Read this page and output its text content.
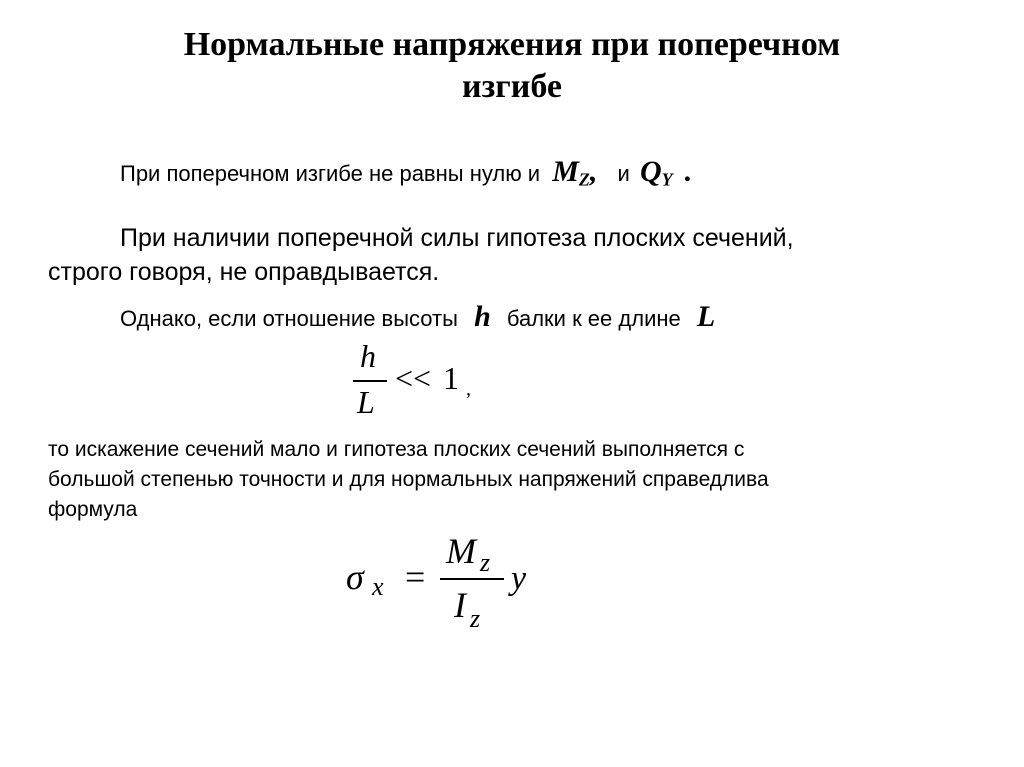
Нормальные напряжения при поперечном
изгибе
При поперечном изгибе не равны нулю и $M_Z$, и $Q_Y$ .
При наличии поперечной силы гипотеза плоских сечений,
строго говоря, не оправдывается.
Однако, если отношение высоты h балки к ее длине L
h
L
<< 1 ,
то искажение сечений мало и гипотеза плоских сечений выполняется с
большой степенью точности и для нормальных напряжений справедлива
формула
σ x =
M z
I z
y
